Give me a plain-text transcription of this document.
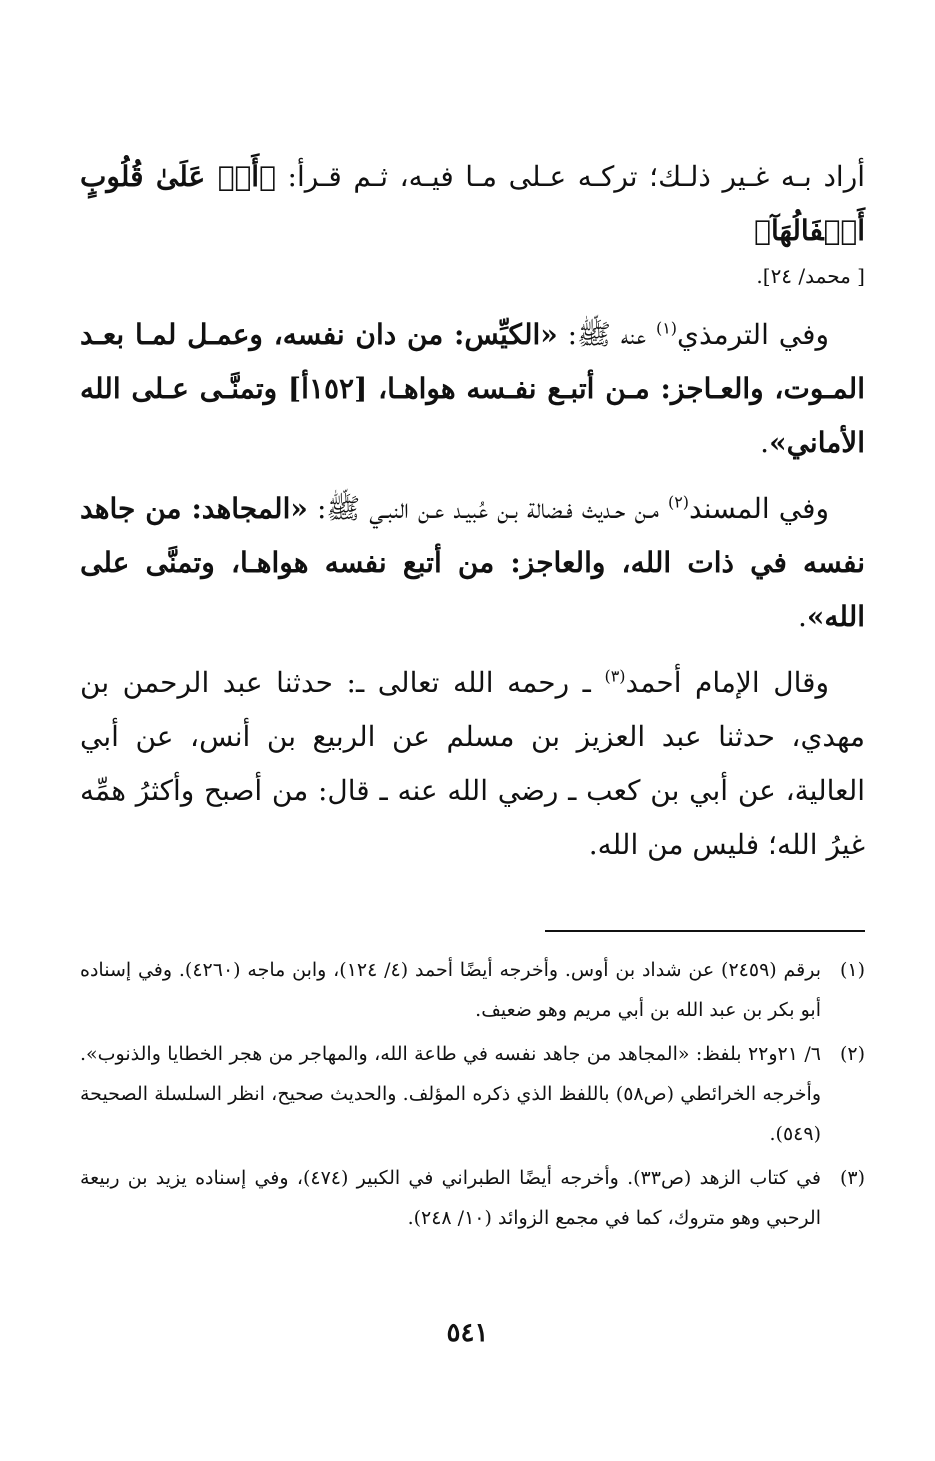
أراد بـه غـير ذلـك؛ تركـه عـلى مـا فيـه، ثـم قـرأ: ﴿أَمۡ عَلَىٰ قُلُوبٍ أَقۡفَالُهَآ﴾
[ محمد/ ٢٤].

وفي الترمذي$^{(١)}$ عنه ﷺ: «الكيِّس: من دان نفسه، وعمـل لمـا بعـد المـوت، والعـاجز: مـن أتبـع نفـسه هواهـا، [١٥٢أ] وتمنَّـى عـلى الله الأماني».

وفي المسند$^{(٢)}$ مـن حـديث فـضالة بـن عُبيـد عـن النبـي ﷺ: «المجاهد: من جاهد نفسه في ذات الله، والعاجز: من أتبع نفسه هواهـا، وتمنَّى على الله».

وقال الإمام أحمد$^{(٣)}$ ـ رحمه الله تعالى ـ: حدثنا عبد الرحمن بن مهدي، حدثنا عبد العزيز بن مسلم عن الربيع بن أنس، عن أبي العالية، عن أبي بن كعب ـ رضي الله عنه ـ قال: من أصبح وأكثرُ همِّه غيرُ الله؛ فليس من الله.

(١)
برقم (٢٤٥٩) عن شداد بن أوس. وأخرجه أيضًا أحمد (٤/ ١٢٤)، وابن ماجه (٤٢٦٠). وفي إسناده أبو بكر بن عبد الله بن أبي مريم وهو ضعيف.
(٢)
٦/ ٢١و٢٢ بلفظ: «المجاهد من جاهد نفسه في طاعة الله، والمهاجر من هجر الخطايا والذنوب». وأخرجه الخرائطي (ص٥٨) باللفظ الذي ذكره المؤلف. والحديث صحيح، انظر السلسلة الصحيحة (٥٤٩).
(٣)
في كتاب الزهد (ص٣٣). وأخرجه أيضًا الطبراني في الكبير (٤٧٤)، وفي إسناده يزيد بن ربيعة الرحبي وهو متروك، كما في مجمع الزوائد (١٠/ ٢٤٨).
٥٤١
